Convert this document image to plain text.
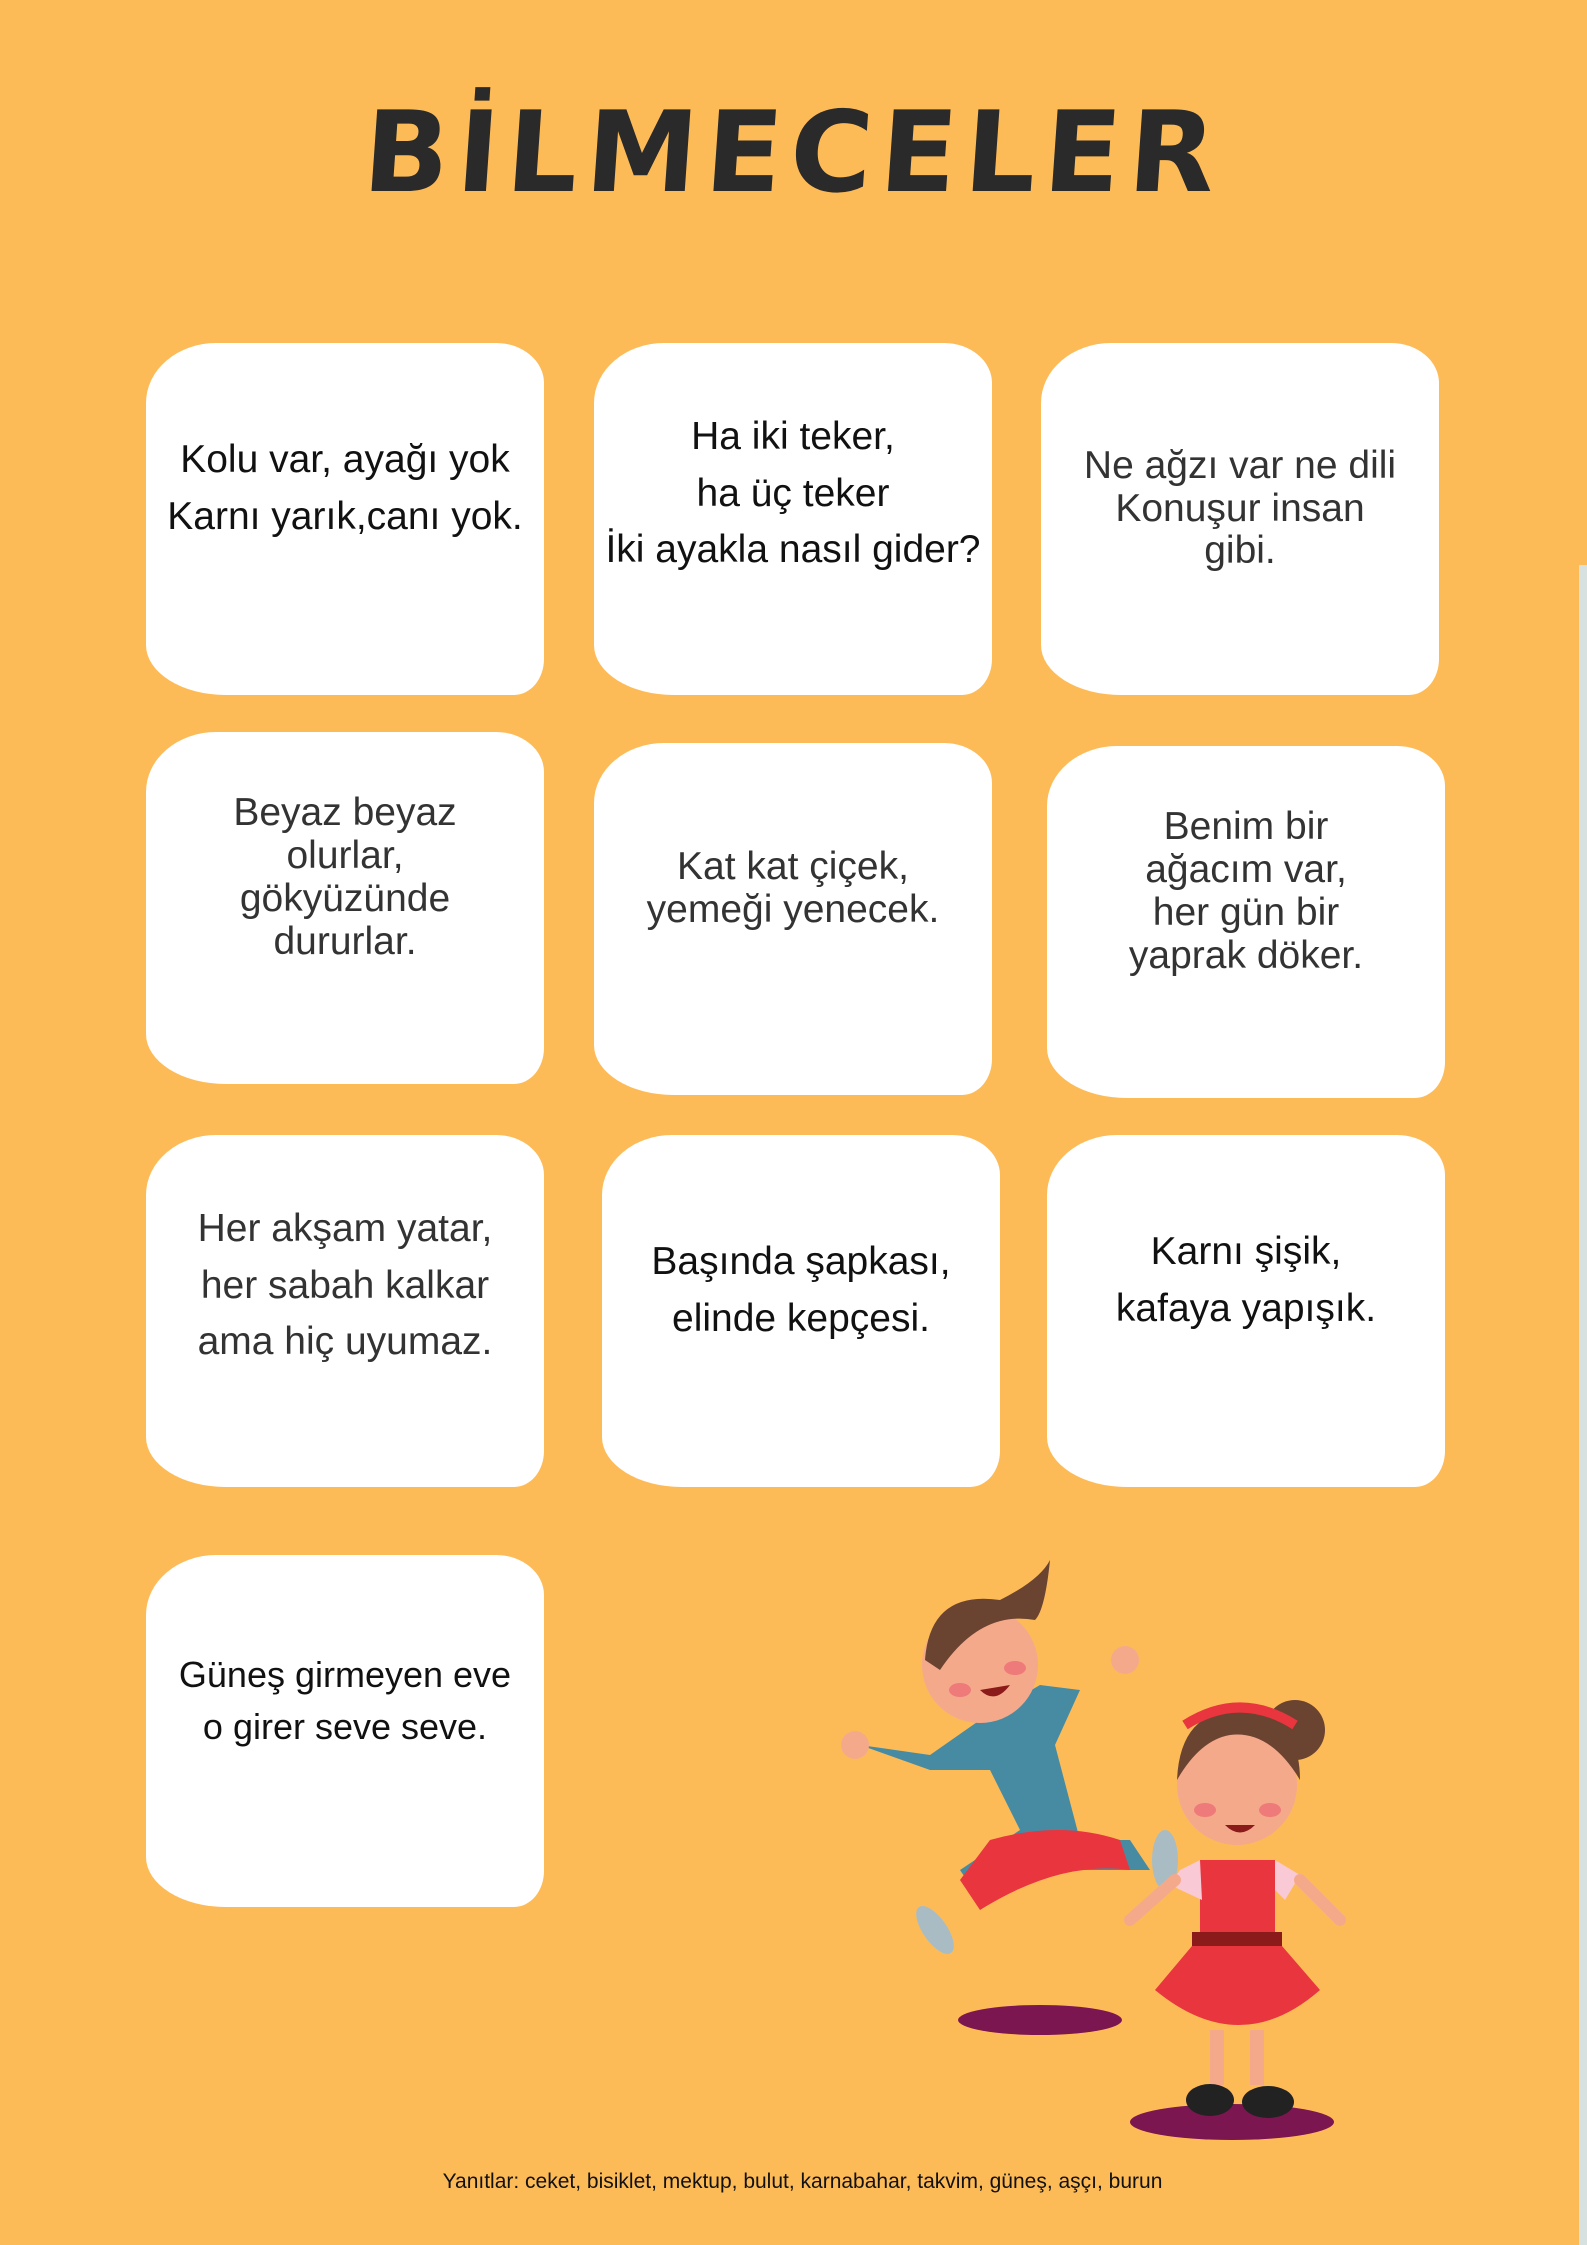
BİLMECELER
Kolu var, ayağı yok
Karnı yarık,canı yok.
Ha iki teker,
ha üç teker
İki ayakla nasıl gider?
Ne ağzı var ne dili
Konuşur insan
gibi.
Beyaz beyaz
olurlar,
gökyüzünde
dururlar.
Kat kat çiçek,
yemeği yenecek.
Benim bir
ağacım var,
her gün bir
yaprak döker.
Her akşam yatar,
her sabah kalkar
ama hiç uyumaz.
Başında şapkası,
elinde kepçesi.
Karnı şişik,
kafaya yapışık.
Güneş girmeyen eve
o girer seve seve.
Yanıtlar: ceket, bisiklet, mektup, bulut, karnabahar, takvim, güneş, aşçı, burun
